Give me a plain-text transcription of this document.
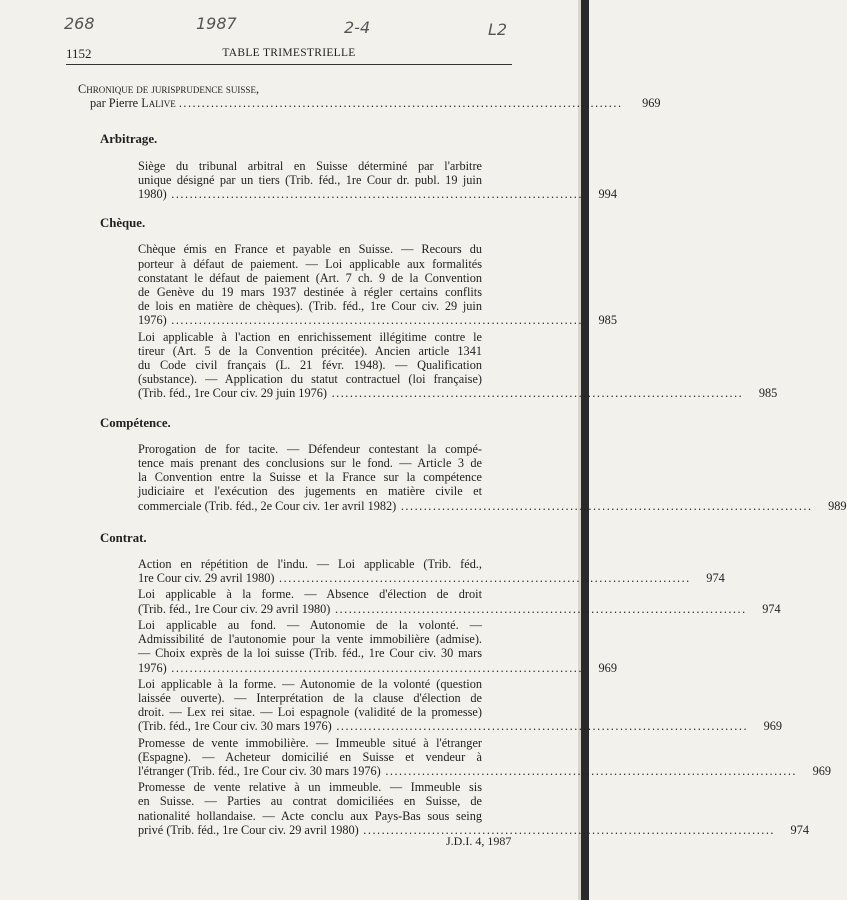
268	1987	2-4	L2
1152	TABLE TRIMESTRIELLE
Chronique de jurisprudence suisse,
par Pierre Lalive .................................................................................................	969
Arbitrage.
Siège du tribunal arbitral en Suisse déterminé par l'arbitre
unique désigné par un tiers (Trib. féd., 1re Cour dr. publ. 19 juin
1980) ..........................................................................................	994
Chèque.
Chèque émis en France et payable en Suisse. — Recours du
porteur à défaut de paiement. — Loi applicable aux formalités
constatant le défaut de paiement (Art. 7 ch. 9 de la Convention
de Genève du 19 mars 1937 destinée à régler certains conflits
de lois en matière de chèques). (Trib. féd., 1re Cour civ. 29 juin
1976) ..........................................................................................	985
Loi applicable à l'action en enrichissement illégitime contre le
tireur (Art. 5 de la Convention précitée). Ancien article 1341
du Code civil français (L. 21 févr. 1948). — Qualification
(substance). — Application du statut contractuel (loi française)
(Trib. féd., 1re Cour civ. 29 juin 1976) ..........................................................................................	985
Compétence.
Prorogation de for tacite. — Défendeur contestant la compé-
tence mais prenant des conclusions sur le fond. — Article 3 de
la Convention entre la Suisse et la France sur la compétence
judiciaire et l'exécution des jugements en matière civile et
commerciale (Trib. féd., 2e Cour civ. 1er avril 1982) ..........................................................................................	989
Contrat.
Action en répétition de l'indu. — Loi applicable (Trib. féd.,
1re Cour civ. 29 avril 1980) ..........................................................................................	974
Loi applicable à la forme. — Absence d'élection de droit
(Trib. féd., 1re Cour civ. 29 avril 1980) ..........................................................................................	974
Loi applicable au fond. — Autonomie de la volonté. —
Admissibilité de l'autonomie pour la vente immobilière (admise).
— Choix exprès de la loi suisse (Trib. féd., 1re Cour civ. 30 mars
1976) ..........................................................................................	969
Loi applicable à la forme. — Autonomie de la volonté (question
laissée ouverte). — Interprétation de la clause d'élection de
droit. — Lex rei sitae. — Loi espagnole (validité de la promesse)
(Trib. féd., 1re Cour civ. 30 mars 1976) ..........................................................................................	969
Promesse de vente immobilière. — Immeuble situé à l'étranger
(Espagne). — Acheteur domicilié en Suisse et vendeur à
l'étranger (Trib. féd., 1re Cour civ. 30 mars 1976) ..........................................................................................	969
Promesse de vente relative à un immeuble. — Immeuble sis
en Suisse. — Parties au contrat domiciliées en Suisse, de
nationalité hollandaise. — Acte conclu aux Pays-Bas sous seing
privé (Trib. féd., 1re Cour civ. 29 avril 1980) ..........................................................................................	974
J.D.I. 4, 1987
